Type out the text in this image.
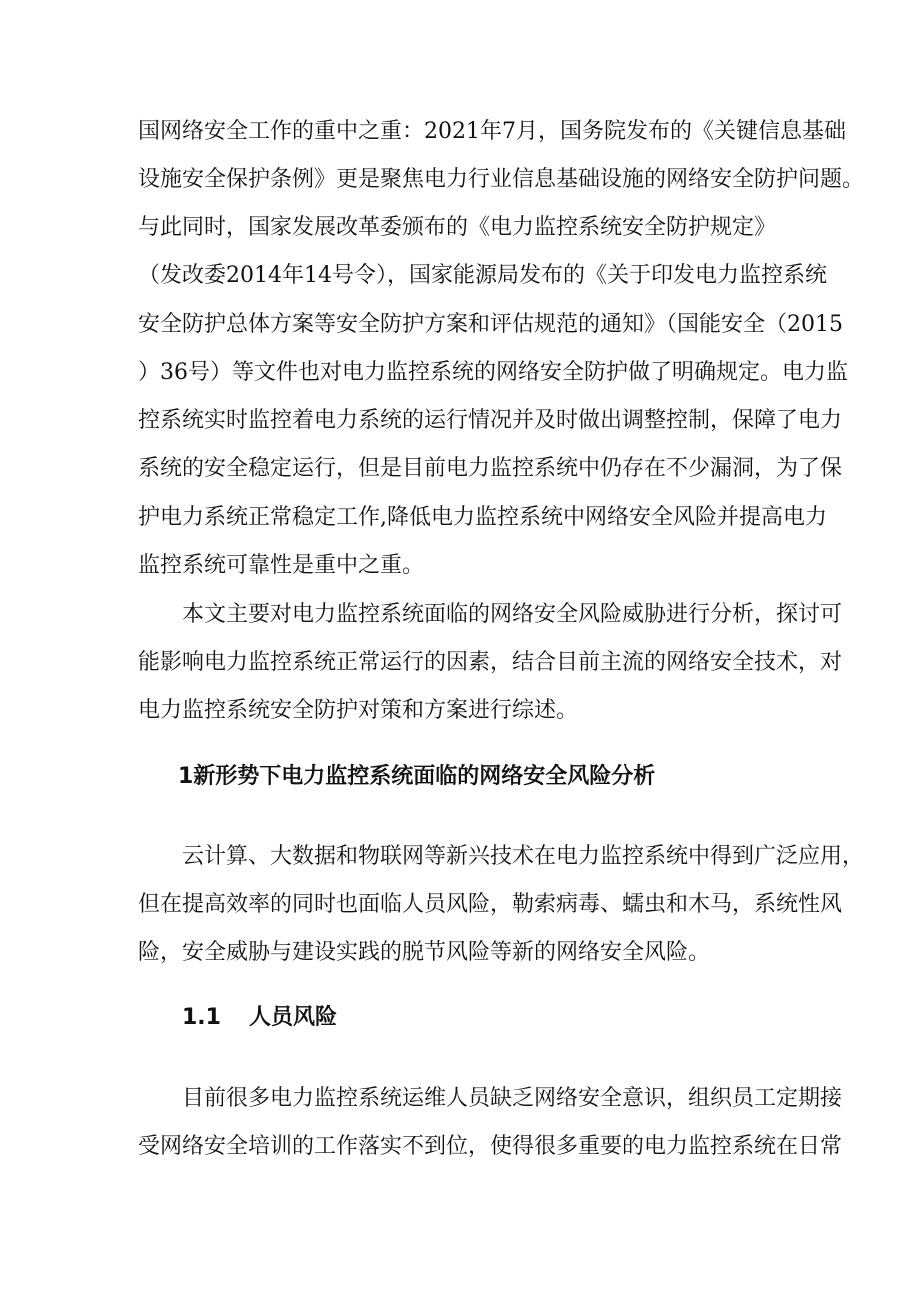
国网络安全工作的重中之重：2021年7月，国务院发布的《关键信息基础
设施安全保护条例》更是聚焦电力行业信息基础设施的网络安全防护问题。
与此同时，国家发展改革委颁布的《电力监控系统安全防护规定》
（发改委2014年14号令），国家能源局发布的《关于印发电力监控系统
安全防护总体方案等安全防护方案和评估规范的通知》（国能安全（2015
）36号）等文件也对电力监控系统的网络安全防护做了明确规定。电力监
控系统实时监控着电力系统的运行情况并及时做出调整控制，保障了电力
系统的安全稳定运行，但是目前电力监控系统中仍存在不少漏洞，为了保
护电力系统正常稳定工作,降低电力监控系统中网络安全风险并提高电力
监控系统可靠性是重中之重。
本文主要对电力监控系统面临的网络安全风险威胁进行分析，探讨可
能影响电力监控系统正常运行的因素，结合目前主流的网络安全技术，对
电力监控系统安全防护对策和方案进行综述。
1新形势下电力监控系统面临的网络安全风险分析
云计算、大数据和物联网等新兴技术在电力监控系统中得到广泛应用，
但在提高效率的同时也面临人员风险，勒索病毒、蠕虫和木马，系统性风
险，安全威胁与建设实践的脱节风险等新的网络安全风险。
1.1 人员风险
目前很多电力监控系统运维人员缺乏网络安全意识，组织员工定期接
受网络安全培训的工作落实不到位，使得很多重要的电力监控系统在日常
